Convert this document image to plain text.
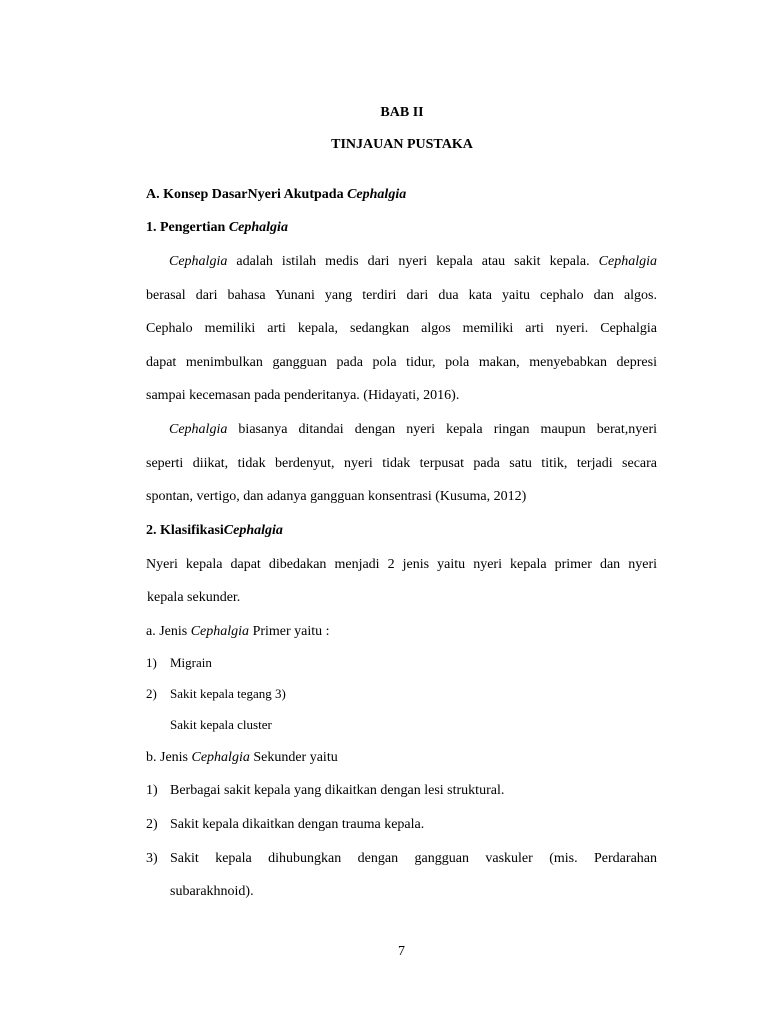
BAB II
TINJAUAN PUSTAKA
A. Konsep DasarNyeri Akutpada Cephalgia
1. Pengertian Cephalgia
Cephalgia adalah istilah medis dari nyeri kepala atau sakit kepala. Cephalgia
berasal dari bahasa Yunani yang terdiri dari dua kata yaitu cephalo dan algos.
Cephalo memiliki arti kepala, sedangkan algos memiliki arti nyeri. Cephalgia
dapat menimbulkan gangguan pada pola tidur, pola makan, menyebabkan depresi
sampai kecemasan pada penderitanya. (Hidayati, 2016).
Cephalgia biasanya ditandai dengan nyeri kepala ringan maupun berat,nyeri
seperti diikat, tidak berdenyut, nyeri tidak terpusat pada satu titik, terjadi secara
spontan, vertigo, dan adanya gangguan konsentrasi (Kusuma, 2012)
2. KlasifikasiCephalgia
Nyeri kepala dapat dibedakan menjadi 2 jenis yaitu nyeri kepala primer dan nyeri
kepala sekunder.
a. Jenis Cephalgia Primer yaitu :
1) Migrain
2) Sakit kepala tegang 3)
Sakit kepala cluster
b. Jenis Cephalgia Sekunder yaitu
1) Berbagai sakit kepala yang dikaitkan dengan lesi struktural.
2) Sakit kepala dikaitkan dengan trauma kepala.
3) Sakit kepala dihubungkan dengan gangguan vaskuler (mis. Perdarahan
subarakhnoid).
7
